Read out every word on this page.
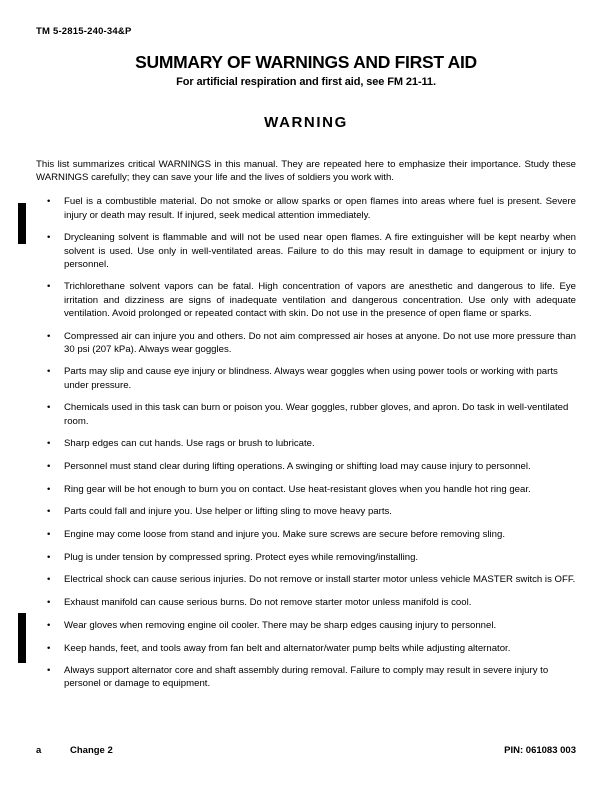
TM 5-2815-240-34&P
SUMMARY OF WARNINGS AND FIRST AID
For artificial respiration and first aid, see FM 21-11.
WARNING

This list summarizes critical WARNINGS in this manual. They are repeated here to emphasize their importance. Study these WARNINGS carefully; they can save your life and the lives of soldiers you work with.

• Fuel is a combustible material. Do not smoke or allow sparks or open flames into areas where fuel is present. Severe injury or death may result. If injured, seek medical attention immediately.
• Drycleaning solvent is flammable and will not be used near open flames. A fire extinguisher will be kept nearby when solvent is used. Use only in well-ventilated areas. Failure to do this may result in damage to equipment or injury to personnel.
• Trichlorethane solvent vapors can be fatal. High concentration of vapors are anesthetic and dangerous to life. Eye irritation and dizziness are signs of inadequate ventilation and dangerous concentration. Use only with adequate ventilation. Avoid prolonged or repeated contact with skin. Do not use in the presence of open flame or sparks.
• Compressed air can injure you and others. Do not aim compressed air hoses at anyone. Do not use more pressure than 30 psi (207 kPa). Always wear goggles.
• Parts may slip and cause eye injury or blindness. Always wear goggles when using power tools or working with parts under pressure.
• Chemicals used in this task can burn or poison you. Wear goggles, rubber gloves, and apron. Do task in well-ventilated room.
• Sharp edges can cut hands. Use rags or brush to lubricate.
• Personnel must stand clear during lifting operations. A swinging or shifting load may cause injury to personnel.
• Ring gear will be hot enough to burn you on contact. Use heat-resistant gloves when you handle hot ring gear.
• Parts could fall and injure you. Use helper or lifting sling to move heavy parts.
• Engine may come loose from stand and injure you. Make sure screws are secure before removing sling.
• Plug is under tension by compressed spring. Protect eyes while removing/installing.
• Electrical shock can cause serious injuries. Do not remove or install starter motor unless vehicle MASTER switch is OFF.
• Exhaust manifold can cause serious burns. Do not remove starter motor unless manifold is cool.
• Wear gloves when removing engine oil cooler. There may be sharp edges causing injury to personnel.
• Keep hands, feet, and tools away from fan belt and alternator/water pump belts while adjusting alternator.
• Always support alternator core and shaft assembly during removal. Failure to comply may result in severe injury to personel or damage to equipment.
a	Change 2	PIN: 061083 003
